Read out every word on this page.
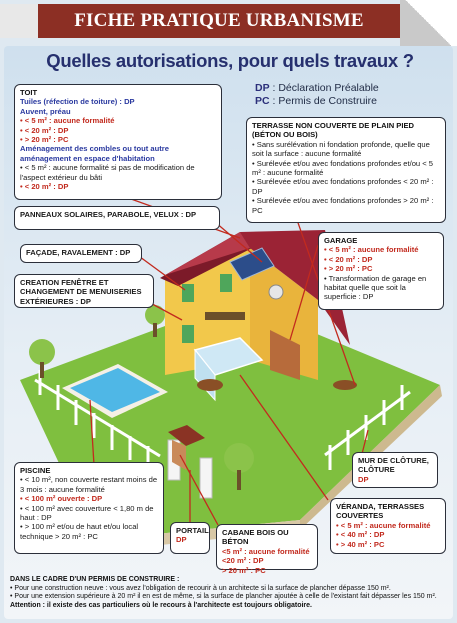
FICHE PRATIQUE URBANISME
Quelles autorisations, pour quels travaux ?
DP : Déclaration Préalable
PC : Permis de Construire
TOIT
Tuiles (réfection de toiture) : DP
Auvent, préau
• < 5 m² : aucune formalité
• < 20 m² : DP
• > 20 m² : PC
Aménagement des combles ou tout autre aménagement en espace d'habitation
• < 5 m² : aucune formalité si pas de modification de l'aspect extérieur du bâti
• < 20 m² : DP
TERRASSE NON COUVERTE DE PLAIN PIED (BÉTON OU BOIS)
• Sans surélévation ni fondation profonde, quelle que soit la surface : aucune formalité
• Surélevée et/ou avec fondations profondes et/ou < 5 m² : aucune formalité
• Surélevée et/ou avec fondations profondes < 20 m² : DP
• Surélevée et/ou avec fondations profondes > 20 m² : PC
PANNEAUX SOLAIRES, PARABOLE, VELUX : DP
FAÇADE, RAVALEMENT : DP
CREATION FENÊTRE ET CHANGEMENT DE MENUISERIES EXTÉRIEURES : DP
GARAGE
• < 5 m² : aucune formalité
• < 20 m² : DP
• > 20 m² : PC
• Transformation de garage en habitat quelle que soit la superficie : DP
MUR DE CLÔTURE, CLÔTURE
DP
PISCINE
• < 10 m², non couverte restant moins de 3 mois : aucune formalité
• < 100 m² ouverte : DP
• < 100 m² avec couverture < 1,80 m de haut : DP
• > 100 m² et/ou de haut et/ou local technique > 20 m² : PC
PORTAIL
DP
CABANE BOIS OU BÉTON
<5 m² : aucune formalité
<20 m² : DP
> 20 m² : PC
VÉRANDA, TERRASSES COUVERTES
• < 5 m² : aucune formalité
• < 40 m² : DP
• > 40 m² : PC
DANS LE CADRE D'UN PERMIS DE CONSTRUIRE :
• Pour une construction neuve : vous avez l'obligation de recourir à un architecte si la surface de plancher dépasse 150 m².
• Pour une extension supérieure à 20 m² il en est de même, si la surface de plancher ajoutée à celle de l'existant fait dépasser les 150 m².
Attention : il existe des cas particuliers où le recours à l'architecte est toujours obligatoire.
